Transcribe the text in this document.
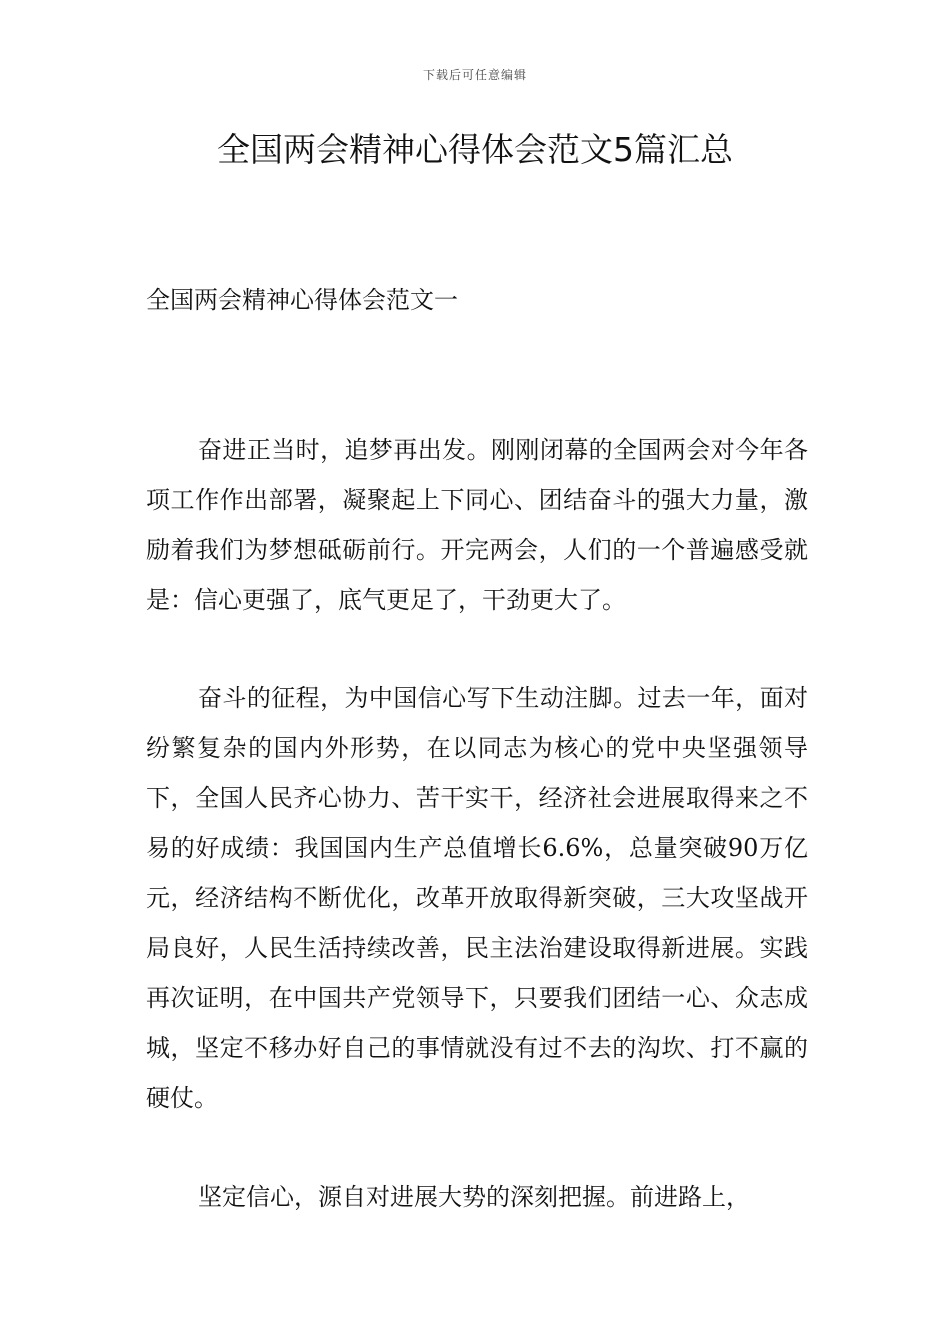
下载后可任意编辑
全国两会精神心得体会范文5篇汇总
全国两会精神心得体会范文一

奋进正当时，追梦再出发。刚刚闭幕的全国两会对今年各项工作作出部署，凝聚起上下同心、团结奋斗的强大力量，激励着我们为梦想砥砺前行。开完两会，人们的一个普遍感受就是：信心更强了，底气更足了，干劲更大了。

奋斗的征程，为中国信心写下生动注脚。过去一年，面对纷繁复杂的国内外形势，在以同志为核心的党中央坚强领导下，全国人民齐心协力、苦干实干，经济社会进展取得来之不易的好成绩：我国国内生产总值增长6.6%，总量突破90万亿元，经济结构不断优化，改革开放取得新突破，三大攻坚战开局良好，人民生活持续改善，民主法治建设取得新进展。实践再次证明，在中国共产党领导下，只要我们团结一心、众志成城，坚定不移办好自己的事情就没有过不去的沟坎、打不赢的硬仗。

坚定信心，源自对进展大势的深刻把握。前进路上，
